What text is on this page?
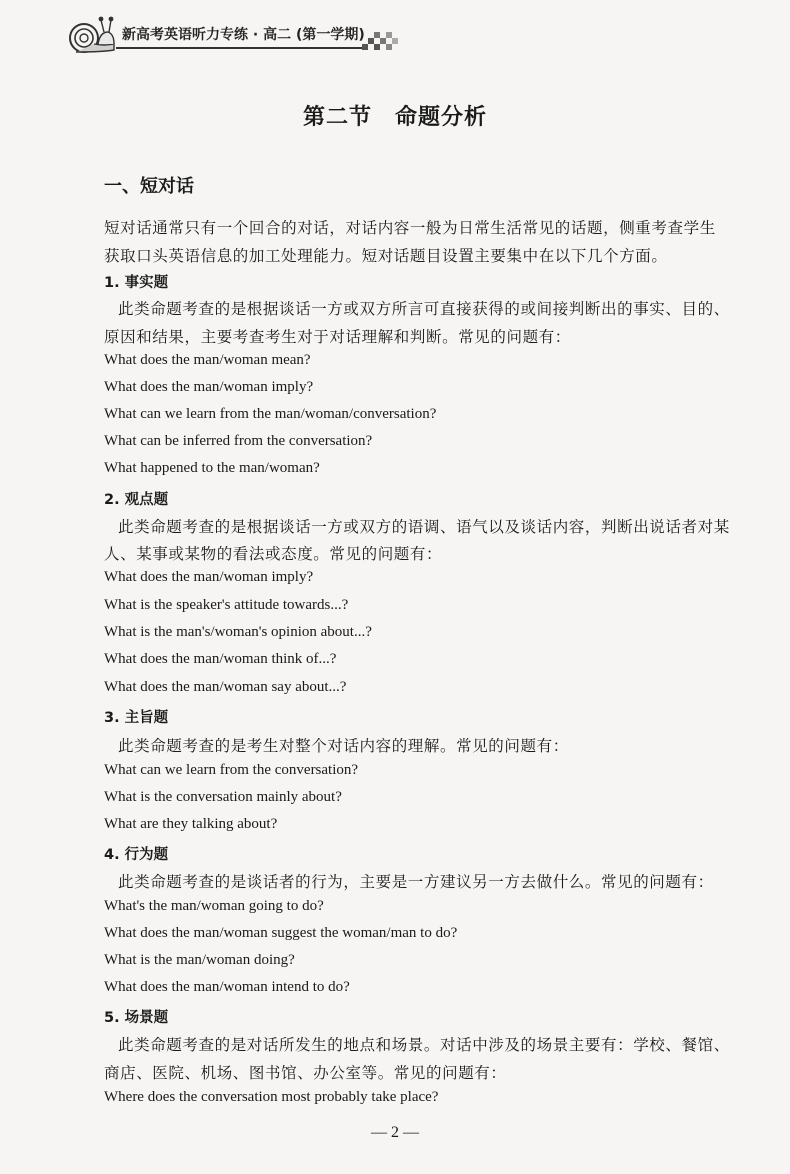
新高考英语听力专练 · 高二 (第一学期)
第二节　命题分析
一、短对话
短对话通常只有一个回合的对话，对话内容一般为日常生活常见的话题，侧重考查学生
获取口头英语信息的加工处理能力。短对话题目设置主要集中在以下几个方面。
1. 事实题
此类命题考查的是根据谈话一方或双方所言可直接获得的或间接判断出的事实、目的、
原因和结果，主要考查考生对于对话理解和判断。常见的问题有：
What does the man/woman mean?
What does the man/woman imply?
What can we learn from the man/woman/conversation?
What can be inferred from the conversation?
What happened to the man/woman?
2. 观点题
此类命题考查的是根据谈话一方或双方的语调、语气以及谈话内容，判断出说话者对某
人、某事或某物的看法或态度。常见的问题有：
What does the man/woman imply?
What is the speaker's attitude towards...?
What is the man's/woman's opinion about...?
What does the man/woman think of...?
What does the man/woman say about...?
3. 主旨题
此类命题考查的是考生对整个对话内容的理解。常见的问题有：
What can we learn from the conversation?
What is the conversation mainly about?
What are they talking about?
4. 行为题
此类命题考查的是谈话者的行为，主要是一方建议另一方去做什么。常见的问题有：
What's the man/woman going to do?
What does the man/woman suggest the woman/man to do?
What is the man/woman doing?
What does the man/woman intend to do?
5. 场景题
此类命题考查的是对话所发生的地点和场景。对话中涉及的场景主要有：学校、餐馆、
商店、医院、机场、图书馆、办公室等。常见的问题有：
Where does the conversation most probably take place?
— 2 —
